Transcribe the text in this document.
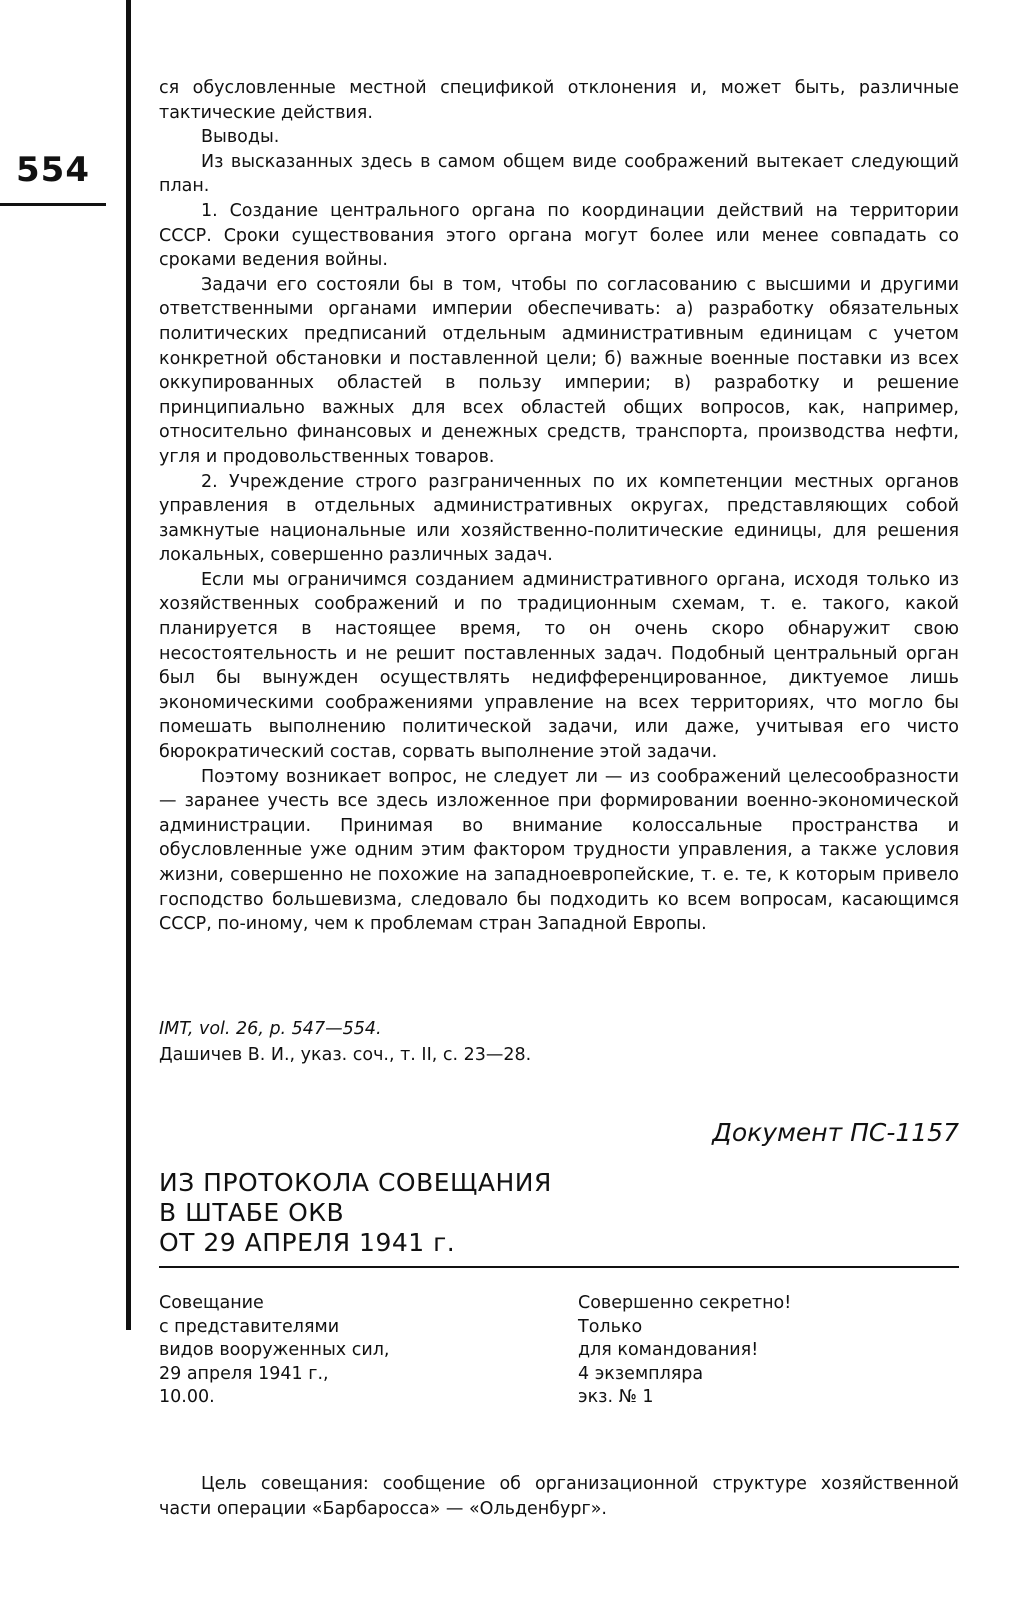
554

ся обусловленные местной спецификой отклонения и, может быть, различные тактические действия.

Выводы.

Из высказанных здесь в самом общем виде соображений вытекает следующий план.

1. Создание центрального органа по координации действий на территории СССР. Сроки существования этого органа могут более или менее совпадать со сроками ведения войны.

Задачи его состояли бы в том, чтобы по согласованию с высшими и другими ответственными органами империи обеспечивать: а) разработку обязательных политических предписаний отдельным административным единицам с учетом конкретной обстановки и поставленной цели; б) важные военные поставки из всех оккупированных областей в пользу империи; в) разработку и решение принципиально важных для всех областей общих вопросов, как, например, относительно финансовых и денежных средств, транспорта, производства нефти, угля и продовольственных товаров.

2. Учреждение строго разграниченных по их компетенции местных органов управления в отдельных административных округах, представляющих собой замкнутые национальные или хозяйственно-политические единицы, для решения локальных, совершенно различных задач.

Если мы ограничимся созданием административного органа, исходя только из хозяйственных соображений и по традиционным схемам, т. е. такого, какой планируется в настоящее время, то он очень скоро обнаружит свою несостоятельность и не решит поставленных задач. Подобный центральный орган был бы вынужден осуществлять недифференцированное, диктуемое лишь экономическими соображениями управление на всех территориях, что могло бы помешать выполнению политической задачи, или даже, учитывая его чисто бюрократический состав, сорвать выполнение этой задачи.

Поэтому возникает вопрос, не следует ли — из соображений целесообразности — заранее учесть все здесь изложенное при формировании военно-экономической администрации. Принимая во внимание колоссальные пространства и обусловленные уже одним этим фактором трудности управления, а также условия жизни, совершенно не похожие на западноевропейские, т. е. те, к которым привело господство большевизма, следовало бы подходить ко всем вопросам, касающимся СССР, по-иному, чем к проблемам стран Западной Европы.

IMT, vol. 26, p. 547—554.
Дашичев В. И., указ. соч., т. II, с. 23—28.
Документ ПС-1157
ИЗ ПРОТОКОЛА СОВЕЩАНИЯ
В ШТАБЕ ОКВ
ОТ 29 АПРЕЛЯ 1941 г.
Совещание
с представителями
видов вооруженных сил,
29 апреля 1941 г.,
10.00.
Совершенно секретно!
Только
для командования!
4 экземпляра
экз. № 1

Цель совещания: сообщение об организационной структуре хозяйственной части операции «Барбаросса» — «Ольденбург».
